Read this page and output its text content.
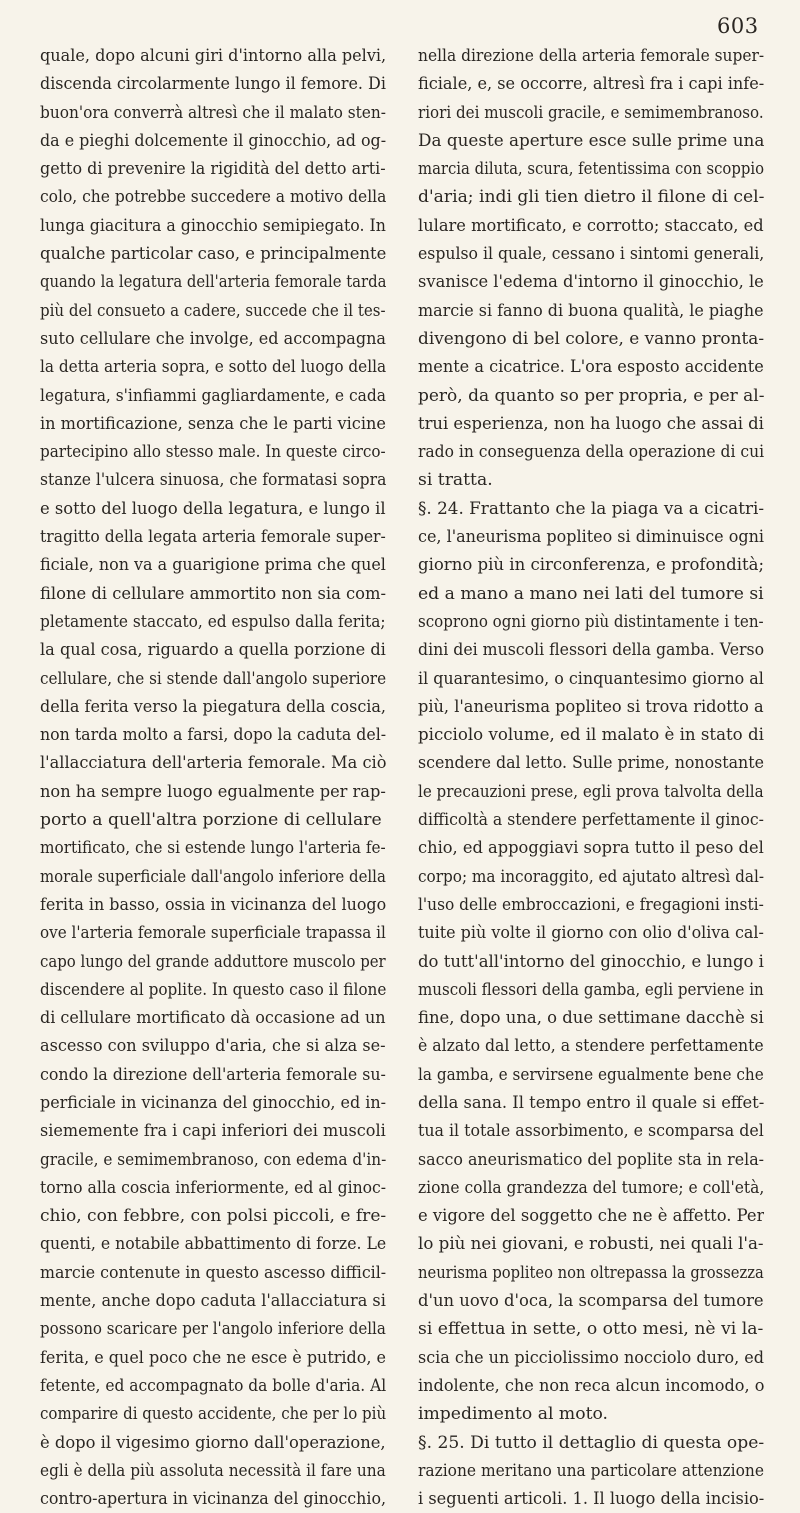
603
quale, dopo alcuni giri d'intorno alla pelvi,
discenda circolarmente lungo il femore. Di
buon'ora converrà altresì che il malato sten-
da e pieghi dolcemente il ginocchio, ad og-
getto di prevenire la rigidità del detto arti-
colo, che potrebbe succedere a motivo della
lunga giacitura a ginocchio semipiegato. In
qualche particolar caso, e principalmente
quando la legatura dell'arteria femorale tarda
più del consueto a cadere, succede che il tes-
suto cellulare che involge, ed accompagna
la detta arteria sopra, e sotto del luogo della
legatura, s'infiammi gagliardamente, e cada
in mortificazione, senza che le parti vicine
partecipino allo stesso male. In queste circo-
stanze l'ulcera sinuosa, che formatasi sopra
e sotto del luogo della legatura, e lungo il
tragitto della legata arteria femorale super-
ficiale, non va a guarigione prima che quel
filone di cellulare ammortito non sia com-
pletamente staccato, ed espulso dalla ferita;
la qual cosa, riguardo a quella porzione di
cellulare, che si stende dall'angolo superiore
della ferita verso la piegatura della coscia,
non tarda molto a farsi, dopo la caduta del-
l'allacciatura dell'arteria femorale. Ma ciò
non ha sempre luogo egualmente per rap-
porto a quell'altra porzione di cellulare
mortificato, che si estende lungo l'arteria fe-
morale superficiale dall'angolo inferiore della
ferita in basso, ossia in vicinanza del luogo
ove l'arteria femorale superficiale trapassa il
capo lungo del grande adduttore muscolo per
discendere al poplite. In questo caso il filone
di cellulare mortificato dà occasione ad un
ascesso con sviluppo d'aria, che si alza se-
condo la direzione dell'arteria femorale su-
perficiale in vicinanza del ginocchio, ed in-
siememente fra i capi inferiori dei muscoli
gracile, e semimembranoso, con edema d'in-
torno alla coscia inferiormente, ed al ginoc-
chio, con febbre, con polsi piccoli, e fre-
quenti, e notabile abbattimento di forze. Le
marcie contenute in questo ascesso difficil-
mente, anche dopo caduta l'allacciatura si
possono scaricare per l'angolo inferiore della
ferita, e quel poco che ne esce è putrido, e
fetente, ed accompagnato da bolle d'aria. Al
comparire di questo accidente, che per lo più
è dopo il vigesimo giorno dall'operazione,
egli è della più assoluta necessità il fare una
contro-apertura in vicinanza del ginocchio,
nella direzione della arteria femorale super-
ficiale, e, se occorre, altresì fra i capi infe-
riori dei muscoli gracile, e semimembranoso.
Da queste aperture esce sulle prime una
marcia diluta, scura, fetentissima con scoppio
d'aria; indi gli tien dietro il filone di cel-
lulare mortificato, e corrotto; staccato, ed
espulso il quale, cessano i sintomi generali,
svanisce l'edema d'intorno il ginocchio, le
marcie si fanno di buona qualità, le piaghe
divengono di bel colore, e vanno pronta-
mente a cicatrice. L'ora esposto accidente
però, da quanto so per propria, e per al-
trui esperienza, non ha luogo che assai di
rado in conseguenza della operazione di cui
si tratta.
§. 24. Frattanto che la piaga va a cicatri-
ce, l'aneurisma popliteo si diminuisce ogni
giorno più in circonferenza, e profondità;
ed a mano a mano nei lati del tumore si
scoprono ogni giorno più distintamente i ten-
dini dei muscoli flessori della gamba. Verso
il quarantesimo, o cinquantesimo giorno al
più, l'aneurisma popliteo si trova ridotto a
picciolo volume, ed il malato è in stato di
scendere dal letto. Sulle prime, nonostante
le precauzioni prese, egli prova talvolta della
difficoltà a stendere perfettamente il ginoc-
chio, ed appoggiavi sopra tutto il peso del
corpo; ma incoraggito, ed ajutato altresì dal-
l'uso delle embroccazioni, e fregagioni insti-
tuite più volte il giorno con olio d'oliva cal-
do tutt'all'intorno del ginocchio, e lungo i
muscoli flessori della gamba, egli perviene in
fine, dopo una, o due settimane dacchè si
è alzato dal letto, a stendere perfettamente
la gamba, e servirsene egualmente bene che
della sana. Il tempo entro il quale si effet-
tua il totale assorbimento, e scomparsa del
sacco aneurismatico del poplite sta in rela-
zione colla grandezza del tumore; e coll'età,
e vigore del soggetto che ne è affetto. Per
lo più nei giovani, e robusti, nei quali l'a-
neurisma popliteo non oltrepassa la grossezza
d'un uovo d'oca, la scomparsa del tumore
si effettua in sette, o otto mesi, nè vi la-
scia che un picciolissimo nocciolo duro, ed
indolente, che non reca alcun incomodo, o
impedimento al moto.
§. 25. Di tutto il dettaglio di questa ope-
razione meritano una particolare attenzione
i seguenti articoli. 1. Il luogo della incisio-
